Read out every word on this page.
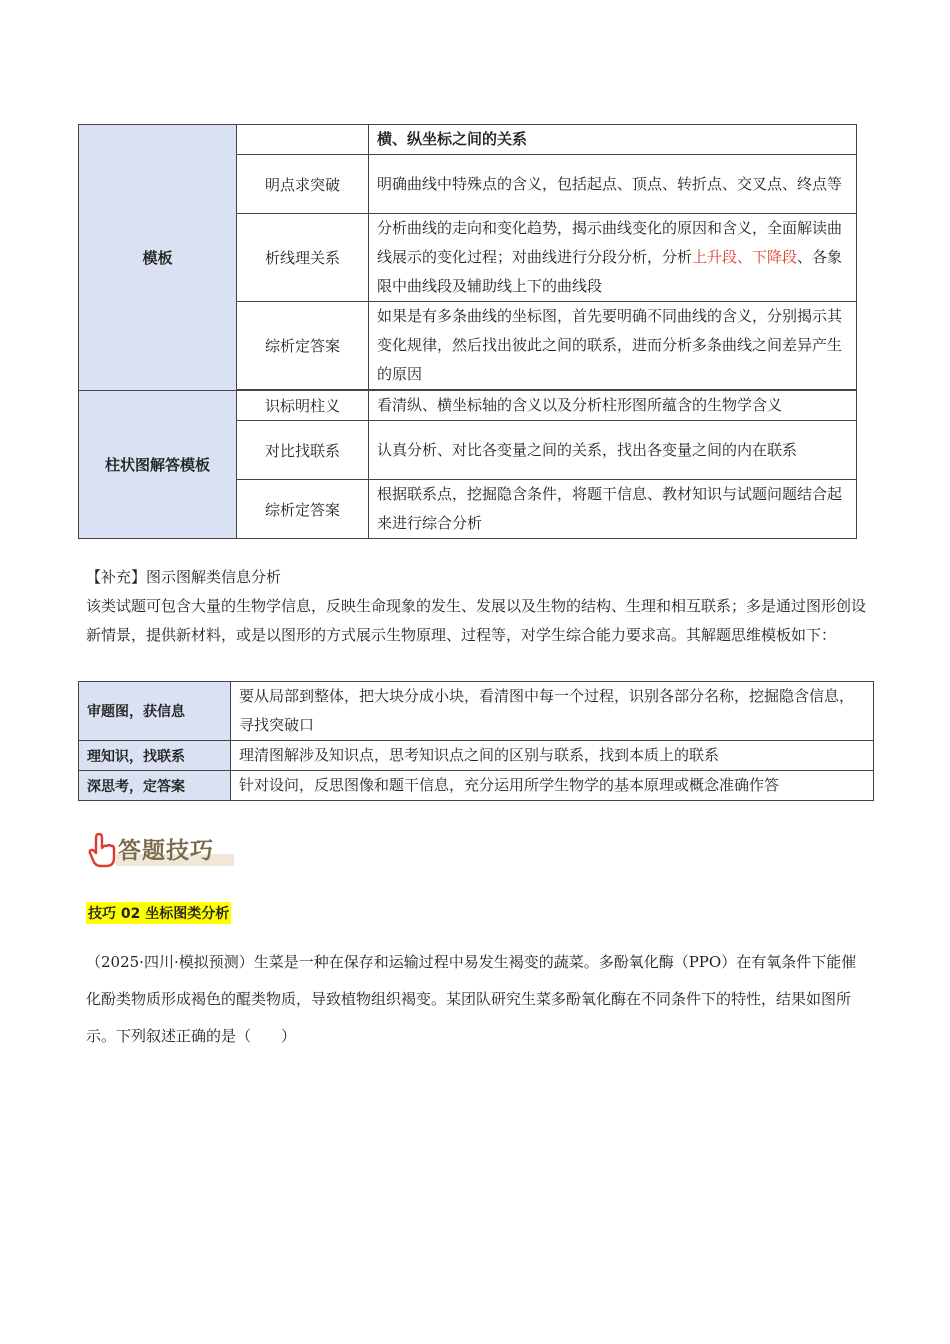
模板		横、纵坐标之间的关系
	明点求突破	明确曲线中特殊点的含义，包括起点、顶点、转折点、交叉点、终点等
	析线理关系	分析曲线的走向和变化趋势，揭示曲线变化的原因和含义，全面解读曲线展示的变化过程；对曲线进行分段分析，分析上升段、下降段、各象限中曲线段及辅助线上下的曲线段
	综析定答案	如果是有多条曲线的坐标图，首先要明确不同曲线的含义，分别揭示其变化规律，然后找出彼此之间的联系，进而分析多条曲线之间差异产生的原因

柱状图解答模板	识标明柱义	看清纵、横坐标轴的含义以及分析柱形图所蕴含的生物学含义
	对比找联系	认真分析、对比各变量之间的关系，找出各变量之间的内在联系
	综析定答案	根据联系点，挖掘隐含条件，将题干信息、教材知识与试题问题结合起来进行综合分析
【补充】图示图解类信息分析
该类试题可包含大量的生物学信息，反映生命现象的发生、发展以及生物的结构、生理和相互联系；多是通过图形创设新情景，提供新材料，或是以图形的方式展示生物原理、过程等，对学生综合能力要求高。其解题思维模板如下：
审题图，获信息	要从局部到整体，把大块分成小块，看清图中每一个过程，识别各部分名称，挖掘隐含信息，寻找突破口
理知识，找联系	理清图解涉及知识点，思考知识点之间的区别与联系，找到本质上的联系
深思考，定答案	针对设问，反思图像和题干信息，充分运用所学生物学的基本原理或概念准确作答
答题技巧
技巧 02 坐标图类分析
（2025·四川·模拟预测）生菜是一种在保存和运输过程中易发生褐变的蔬菜。多酚氧化酶（PPO）在有氧条件下能催化酚类物质形成褐色的醌类物质，导致植物组织褐变。某团队研究生菜多酚氧化酶在不同条件下的特性，结果如图所示。下列叙述正确的是（　　）
